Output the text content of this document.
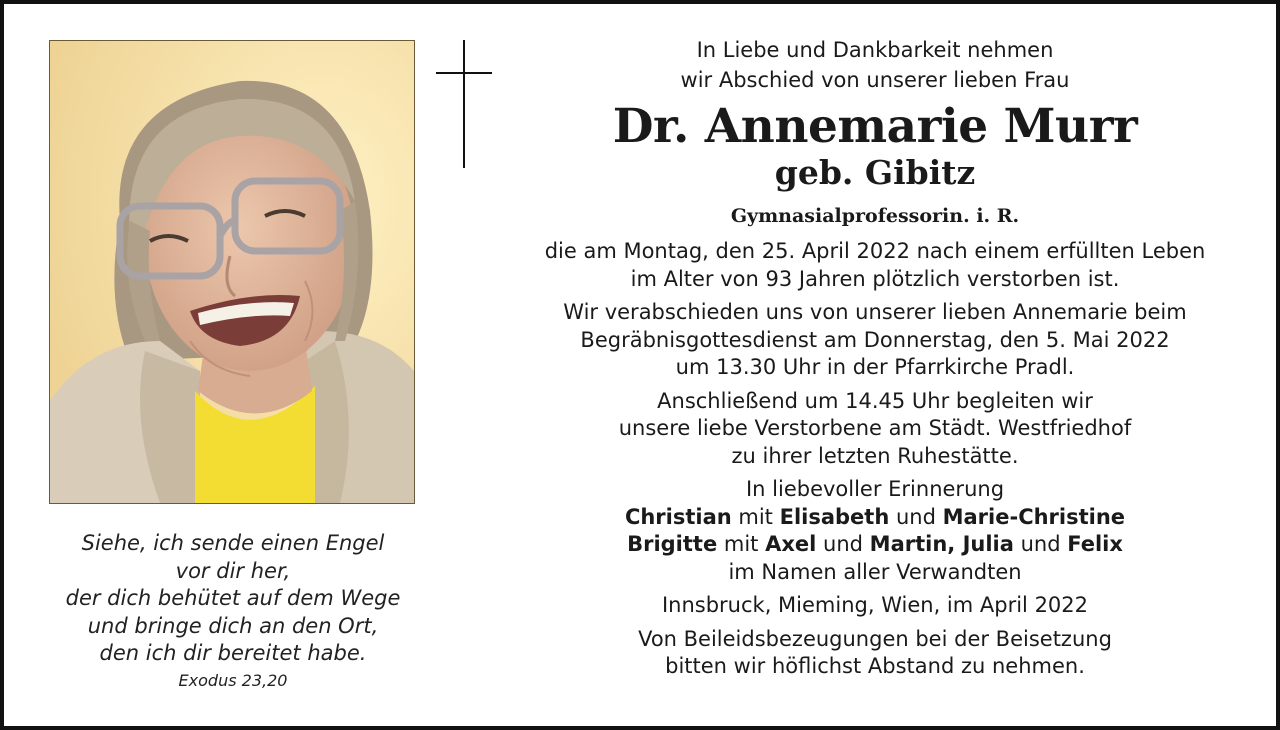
Siehe, ich sende einen Engel
vor dir her,
der dich behütet auf dem Wege
und bringe dich an den Ort,
den ich dir bereitet habe.
Exodus 23,20
In Liebe und Dankbarkeit nehmen
wir Abschied von unserer lieben Frau
Dr. Annemarie Murr
geb. Gibitz
Gymnasialprofessorin. i. R.
die am Montag, den 25. April 2022 nach einem erfüllten Leben
im Alter von 93 Jahren plötzlich verstorben ist.
Wir verabschieden uns von unserer lieben Annemarie beim
Begräbnisgottesdienst am Donnerstag, den 5. Mai 2022
um 13.30 Uhr in der Pfarrkirche Pradl.
Anschließend um 14.45 Uhr begleiten wir
unsere liebe Verstorbene am Städt. Westfriedhof
zu ihrer letzten Ruhestätte.
In liebevoller Erinnerung
Christian mit Elisabeth und Marie-Christine
Brigitte mit Axel und Martin, Julia und Felix
im Namen aller Verwandten
Innsbruck, Mieming, Wien, im April 2022
Von Beileidsbezeugungen bei der Beisetzung
bitten wir höflichst Abstand zu nehmen.
